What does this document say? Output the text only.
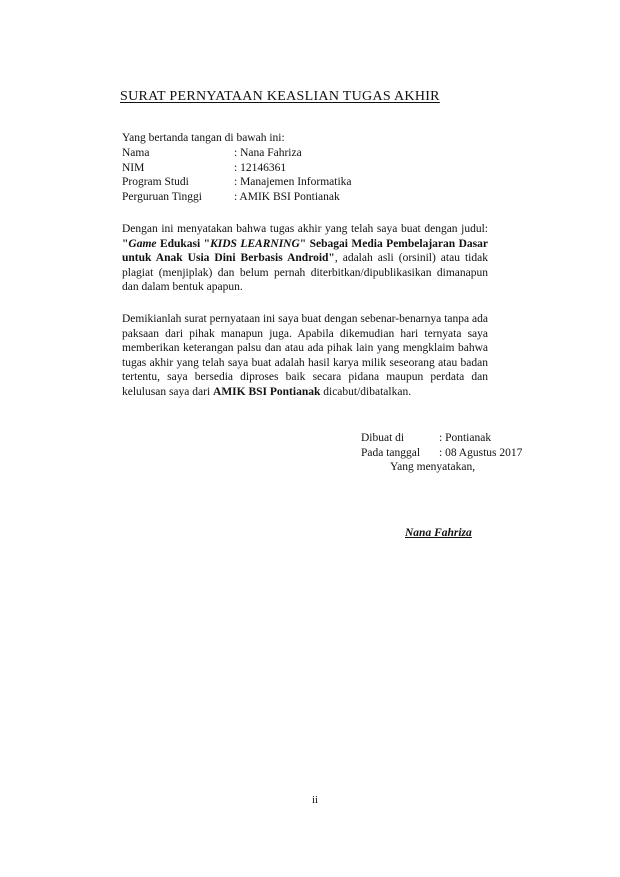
SURAT PERNYATAAN KEASLIAN TUGAS AKHIR
Yang bertanda tangan di bawah ini:
Nama	: Nana Fahriza
NIM	: 12146361
Program Studi	: Manajemen Informatika
Perguruan Tinggi	: AMIK BSI Pontianak

Dengan ini menyatakan bahwa tugas akhir yang telah saya buat dengan judul: "Game Edukasi "KIDS LEARNING" Sebagai Media Pembelajaran Dasar untuk Anak Usia Dini Berbasis Android", adalah asli (orsinil) atau tidak plagiat (menjiplak) dan belum pernah diterbitkan/dipublikasikan dimanapun dan dalam bentuk apapun.

Demikianlah surat pernyataan ini saya buat dengan sebenar-benarnya tanpa ada paksaan dari pihak manapun juga. Apabila dikemudian hari ternyata saya memberikan keterangan palsu dan atau ada pihak lain yang mengklaim bahwa tugas akhir yang telah saya buat adalah hasil karya milik seseorang atau badan tertentu, saya bersedia diproses baik secara pidana maupun perdata dan kelulusan saya dari AMIK BSI Pontianak dicabut/dibatalkan.

Dibuat di	: Pontianak
Pada tanggal	: 08 Agustus 2017
Yang menyatakan,
Nana Fahriza
ii
